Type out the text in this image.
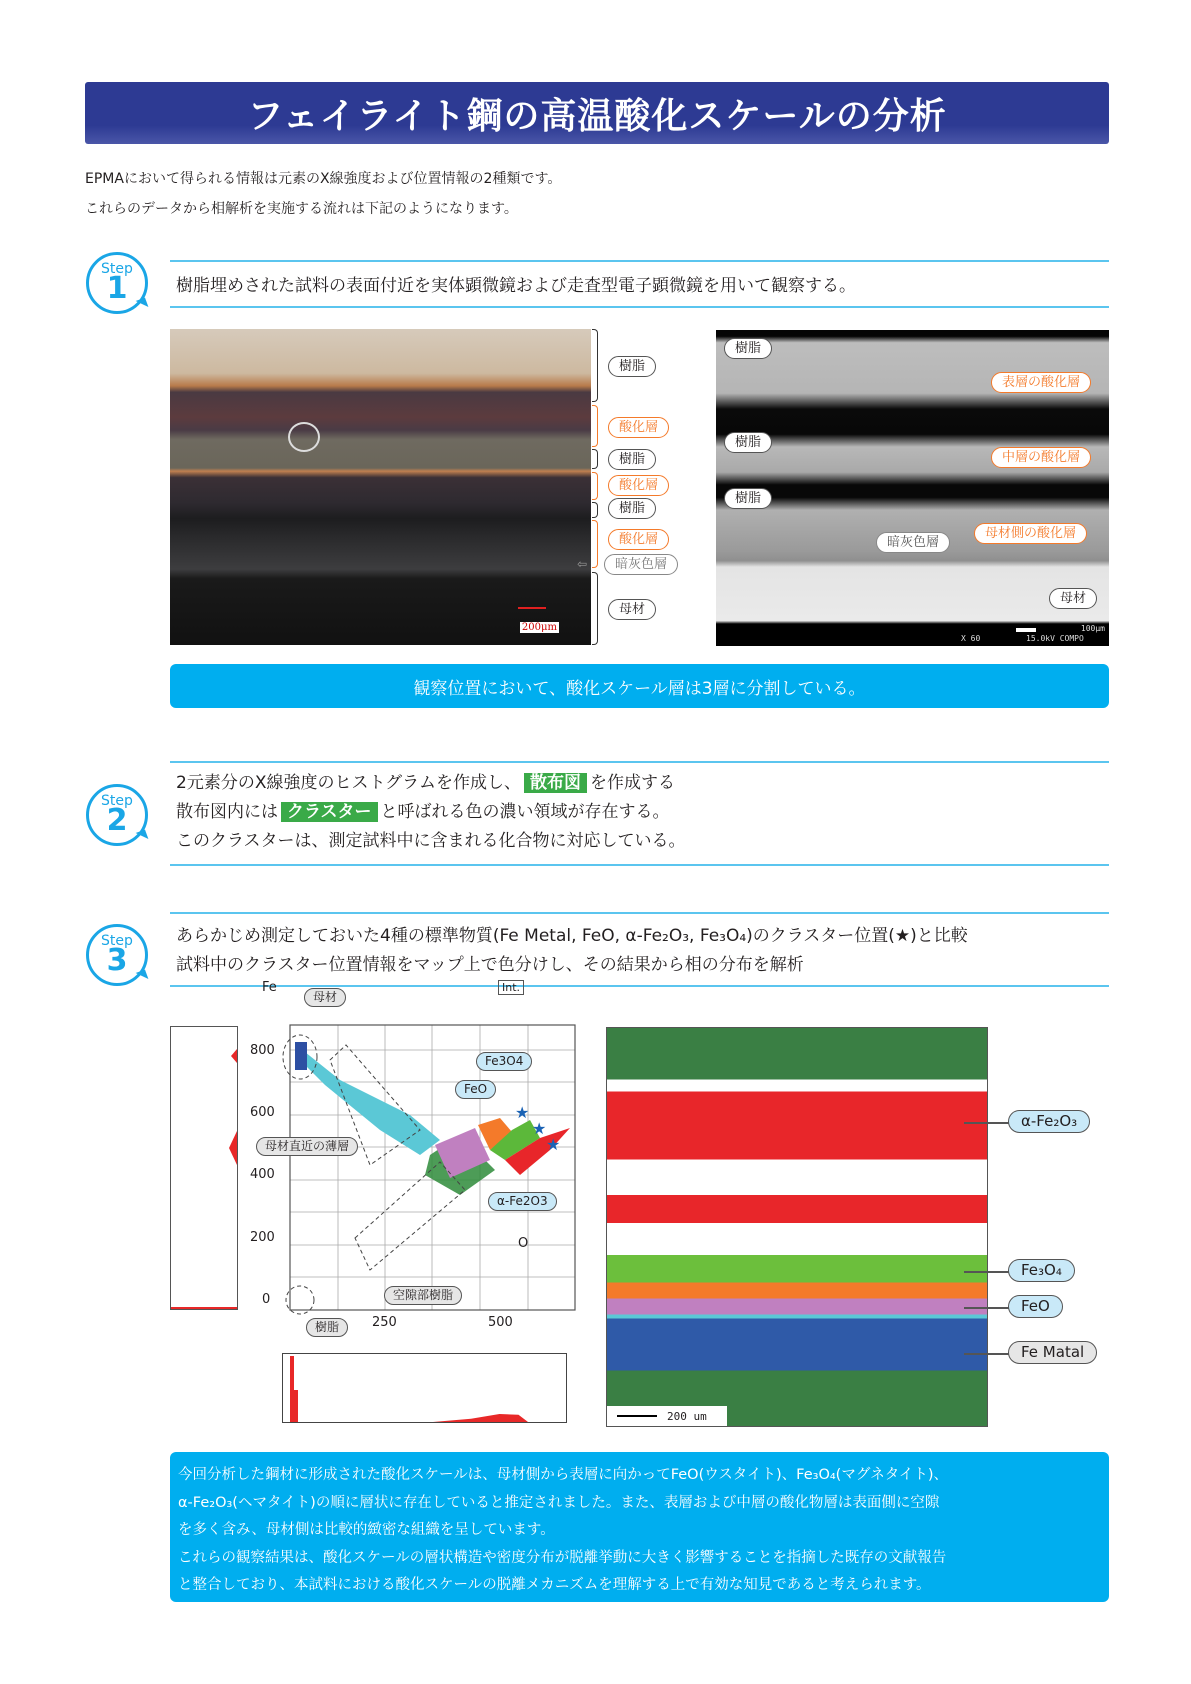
フェイライト鋼の高温酸化スケールの分析
EPMAにおいて得られる情報は元素のX線強度および位置情報の2種類です。
これらのデータから相解析を実施する流れは下記のようになります。
Step
1	樹脂埋めされた試料の表面付近を実体顕微鏡および走査型電子顕微鏡を用いて観察する。
200μm
樹脂
酸化層
樹脂
酸化層
樹脂
酸化層
⇦	暗灰色層
母材
樹脂
表層の酸化層
樹脂
中層の酸化層
樹脂
母材側の酸化層
暗灰色層
母材
100μm
X 60	15.0kV COMPO
観察位置において、酸化スケール層は3層に分割している。
Step
2
2元素分のX線強度のヒストグラムを作成し、 散布図 を作成する
散布図内には クラスター と呼ばれる色の濃い領域が存在する。
このクラスターは、測定試料中に含まれる化合物に対応している。
Step
3
あらかじめ測定しておいた4種の標準物質(Fe Metal, FeO, α-Fe₂O₃, Fe₃O₄)のクラスター位置(★)と比較
試料中のクラスター位置情報をマップ上で色分けし、その結果から相の分布を解析
★
★
★
Fe
O
Int.
800
600
400
200
0
250	500
母材
母材直近の薄層
空隙部樹脂
樹脂
FeO
Fe3O4
α-Fe2O3
200 um
α-Fe₂O₃
Fe₃O₄
FeO
Fe Matal
今回分析した鋼材に形成された酸化スケールは、母材側から表層に向かってFeO(ウスタイト)、Fe₃O₄(マグネタイト)、
α-Fe₂O₃(ヘマタイト)の順に層状に存在していると推定されました。また、表層および中層の酸化物層は表面側に空隙
を多く含み、母材側は比較的緻密な組織を呈しています。
これらの観察結果は、酸化スケールの層状構造や密度分布が脱離挙動に大きく影響することを指摘した既存の文献報告
と整合しており、本試料における酸化スケールの脱離メカニズムを理解する上で有効な知見であると考えられます。
